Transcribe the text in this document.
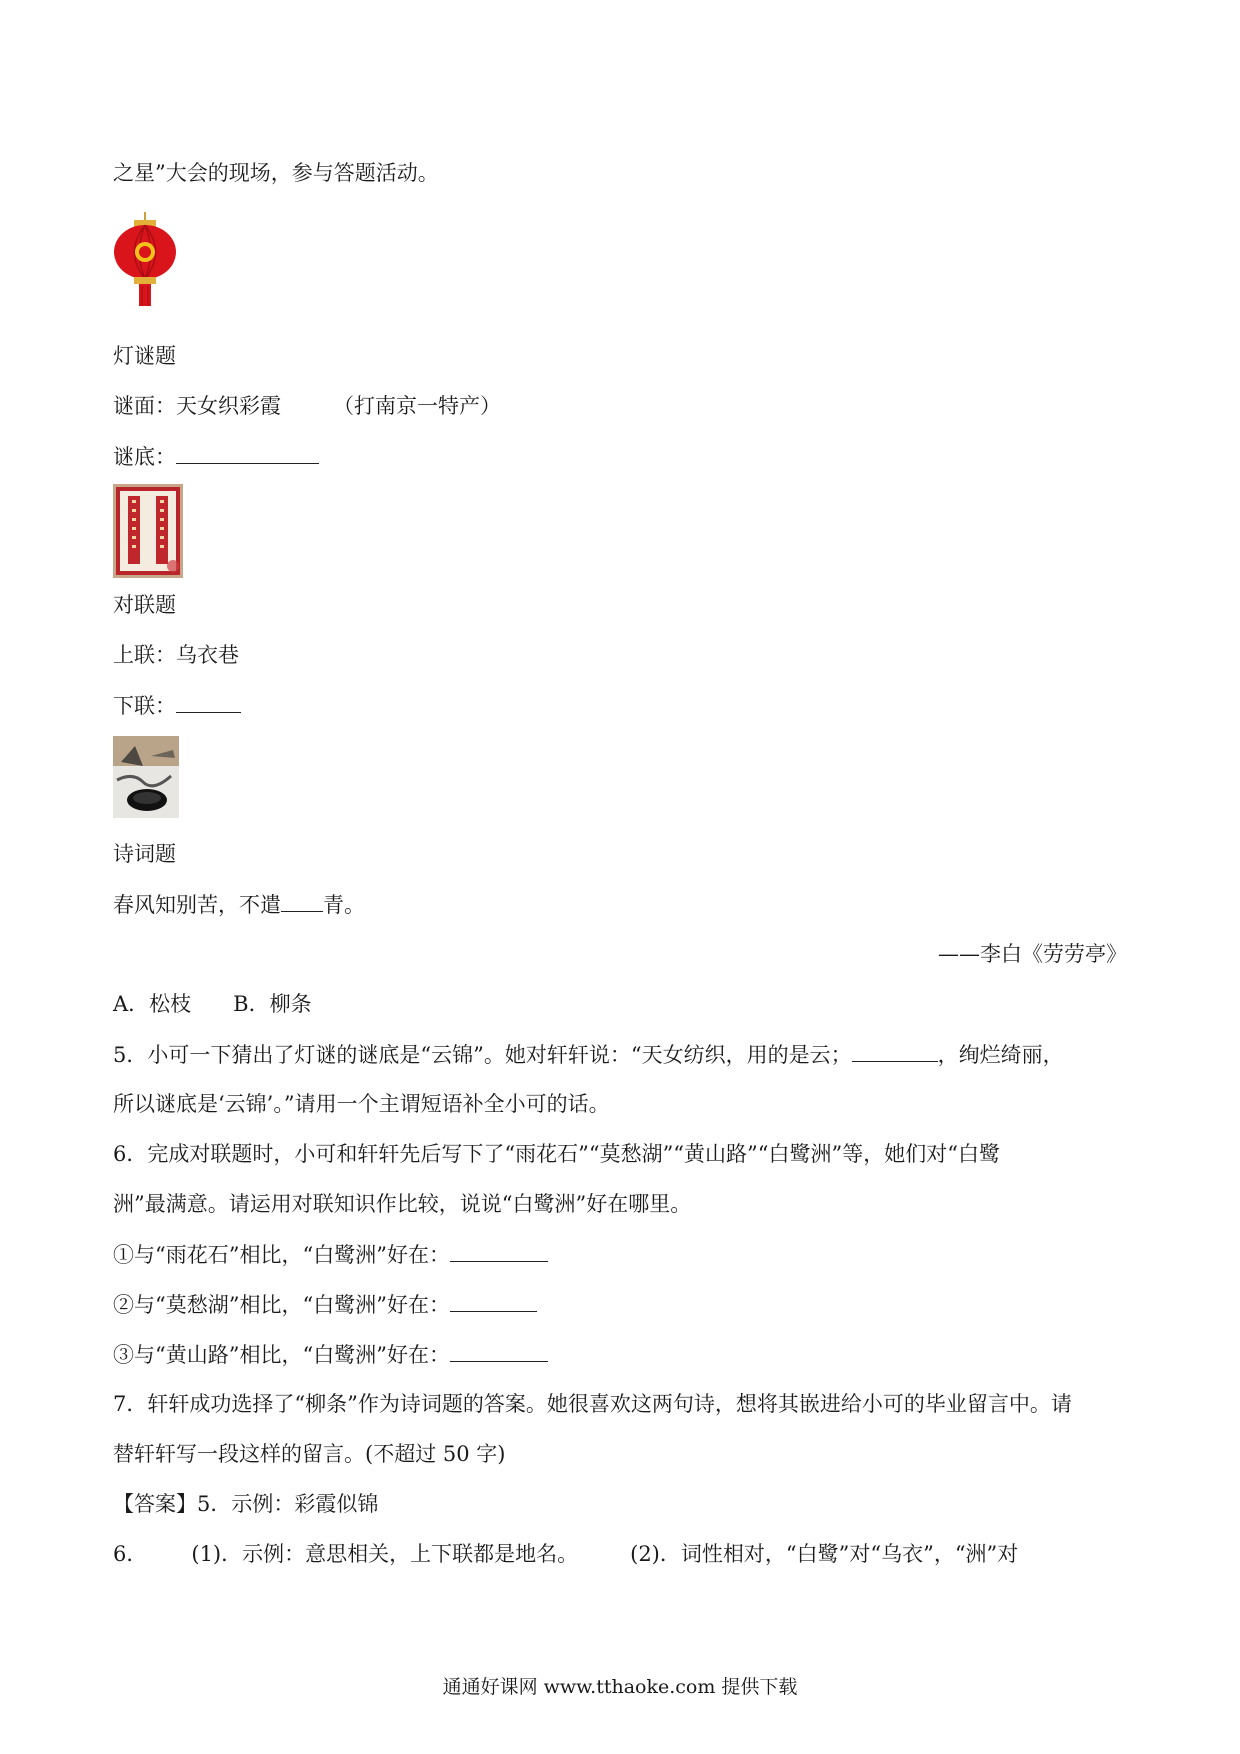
之星”大会的现场，参与答题活动。
灯谜题
谜面：天女织彩霞 （打南京一特产）
谜底：
对联题
上联：乌衣巷
下联：
诗词题
春风知别苦，不遣 青。
——李白《劳劳亭》
A．松枝　　B．柳条
5．小可一下猜出了灯谜的谜底是“云锦”。她对轩轩说：“天女纺织，用的是云；	，绚烂绮丽，
所以谜底是‘云锦’。”请用一个主谓短语补全小可的话。
6．完成对联题时，小可和轩轩先后写下了“雨花石”“莫愁湖”“黄山路”“白鹭洲”等，她们对“白鹭
洲”最满意。请运用对联知识作比较，说说“白鹭洲”好在哪里。
①与“雨花石”相比，“白鹭洲”好在：
②与“莫愁湖”相比，“白鹭洲”好在：
③与“黄山路”相比，“白鹭洲”好在：
7．轩轩成功选择了“柳条”作为诗词题的答案。她很喜欢这两句诗，想将其嵌进给小可的毕业留言中。请
替轩轩写一段这样的留言。(不超过 50 字)
【答案】5．示例：彩霞似锦
6． (1)．示例：意思相关，上下联都是地名。 (2)．词性相对，“白鹭”对“乌衣”，“洲”对
通通好课网 www.tthaoke.com 提供下载
